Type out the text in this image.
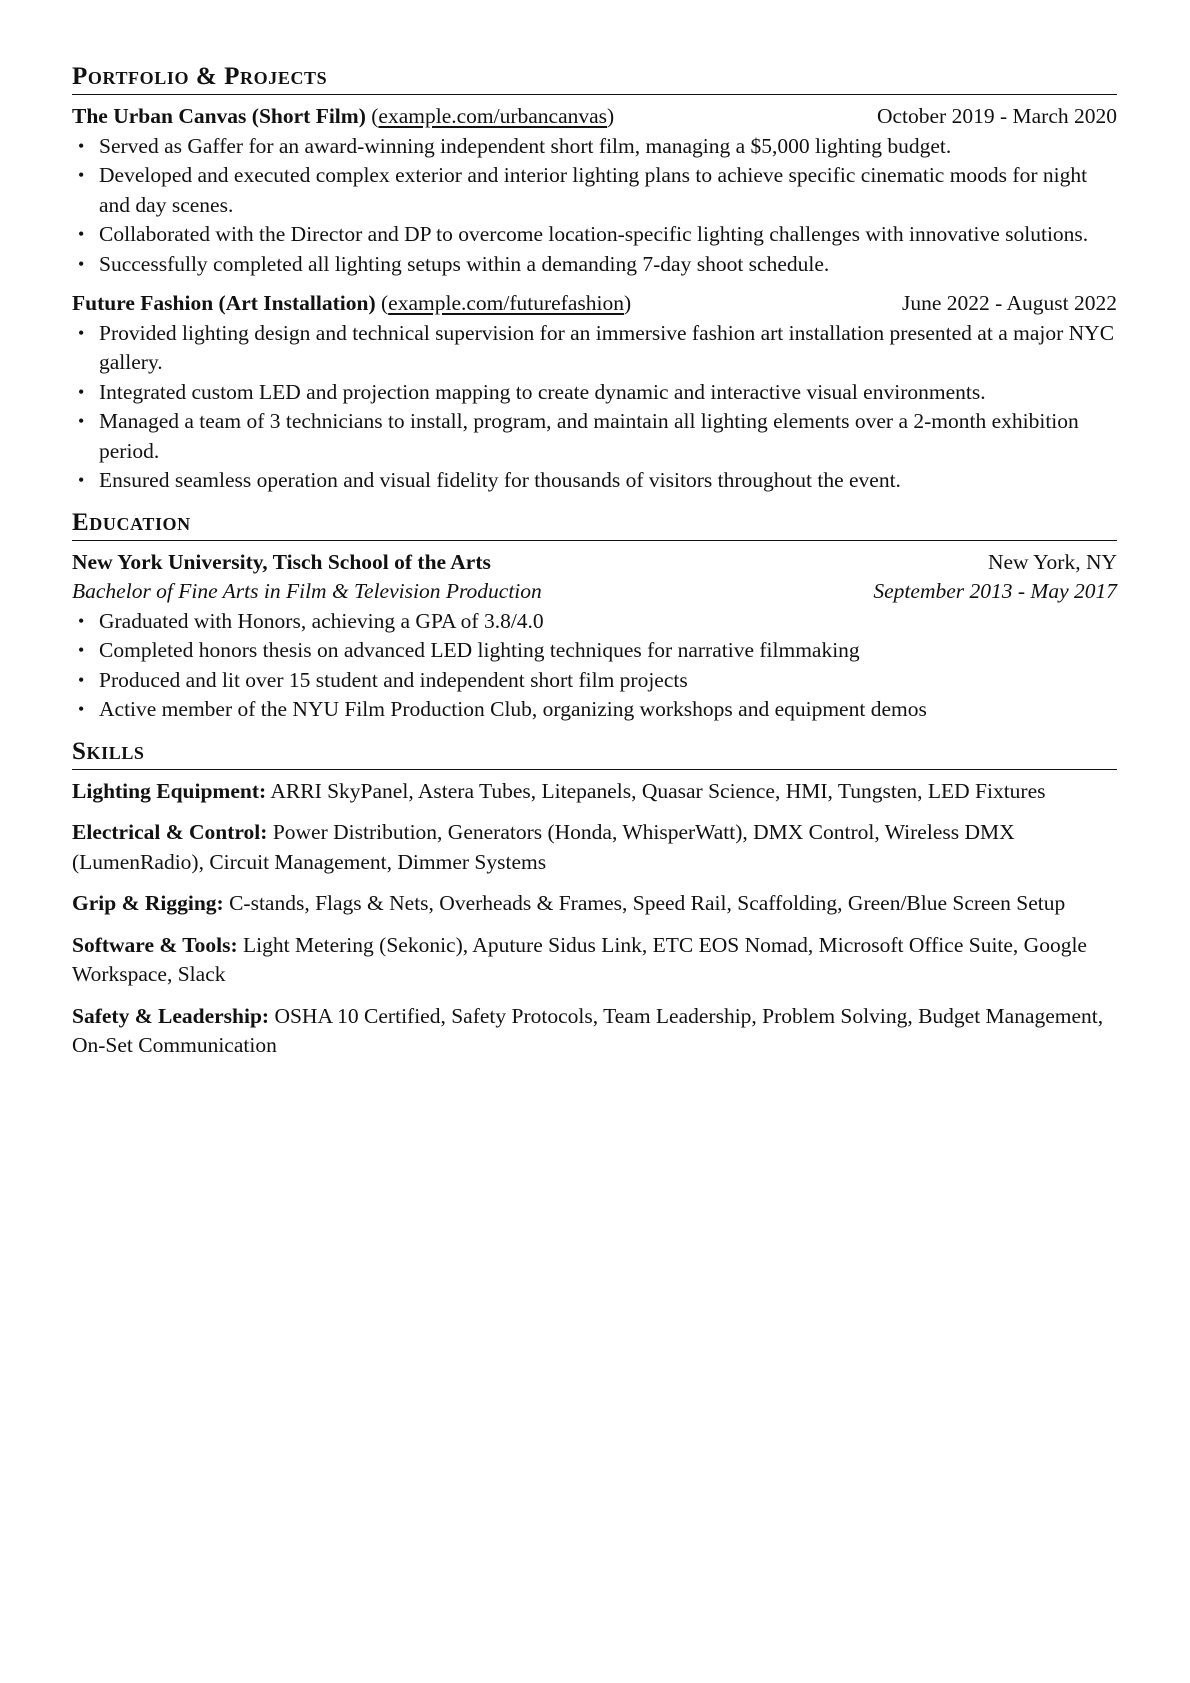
Portfolio & Projects
The Urban Canvas (Short Film) (example.com/urbancanvas)	October 2019 - March 2020
• Served as Gaffer for an award-winning independent short film, managing a $5,000 lighting budget.
• Developed and executed complex exterior and interior lighting plans to achieve specific cinematic moods for night and day scenes.
• Collaborated with the Director and DP to overcome location-specific lighting challenges with innovative solutions.
• Successfully completed all lighting setups within a demanding 7-day shoot schedule.
Future Fashion (Art Installation) (example.com/futurefashion)	June 2022 - August 2022
• Provided lighting design and technical supervision for an immersive fashion art installation presented at a major NYC gallery.
• Integrated custom LED and projection mapping to create dynamic and interactive visual environments.
• Managed a team of 3 technicians to install, program, and maintain all lighting elements over a 2-month exhibition period.
• Ensured seamless operation and visual fidelity for thousands of visitors throughout the event.
Education
New York University, Tisch School of the Arts	New York, NY
Bachelor of Fine Arts in Film & Television Production	September 2013 - May 2017
• Graduated with Honors, achieving a GPA of 3.8/4.0
• Completed honors thesis on advanced LED lighting techniques for narrative filmmaking
• Produced and lit over 15 student and independent short film projects
• Active member of the NYU Film Production Club, organizing workshops and equipment demos
Skills
Lighting Equipment: ARRI SkyPanel, Astera Tubes, Litepanels, Quasar Science, HMI, Tungsten, LED Fixtures
Electrical & Control: Power Distribution, Generators (Honda, WhisperWatt), DMX Control, Wireless DMX (LumenRadio), Circuit Management, Dimmer Systems
Grip & Rigging: C-stands, Flags & Nets, Overheads & Frames, Speed Rail, Scaffolding, Green/Blue Screen Setup
Software & Tools: Light Metering (Sekonic), Aputure Sidus Link, ETC EOS Nomad, Microsoft Office Suite, Google Workspace, Slack
Safety & Leadership: OSHA 10 Certified, Safety Protocols, Team Leadership, Problem Solving, Budget Management, On-Set Communication
